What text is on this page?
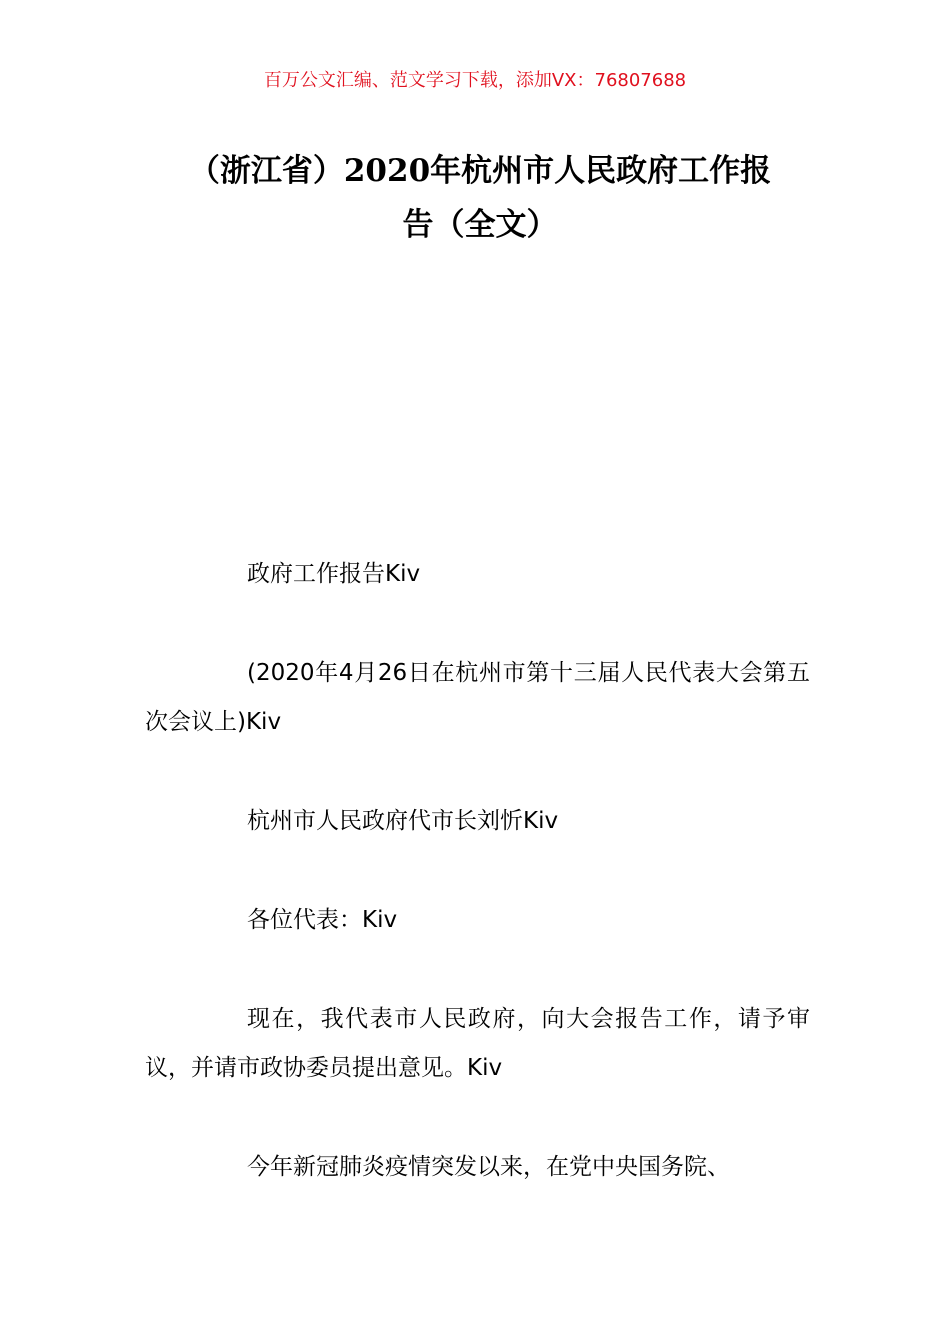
百万公文汇编、范文学习下载，添加VX：76807688
（浙江省）2020年杭州市人民政府工作报
告（全文）

政府工作报告Kiv

(2020年4月26日在杭州市第十三届人民代表大会第五次会议上)Kiv

杭州市人民政府代市长刘忻Kiv

各位代表：Kiv

现在，我代表市人民政府，向大会报告工作，请予审议，并请市政协委员提出意见。Kiv

今年新冠肺炎疫情突发以来，在党中央国务院、
